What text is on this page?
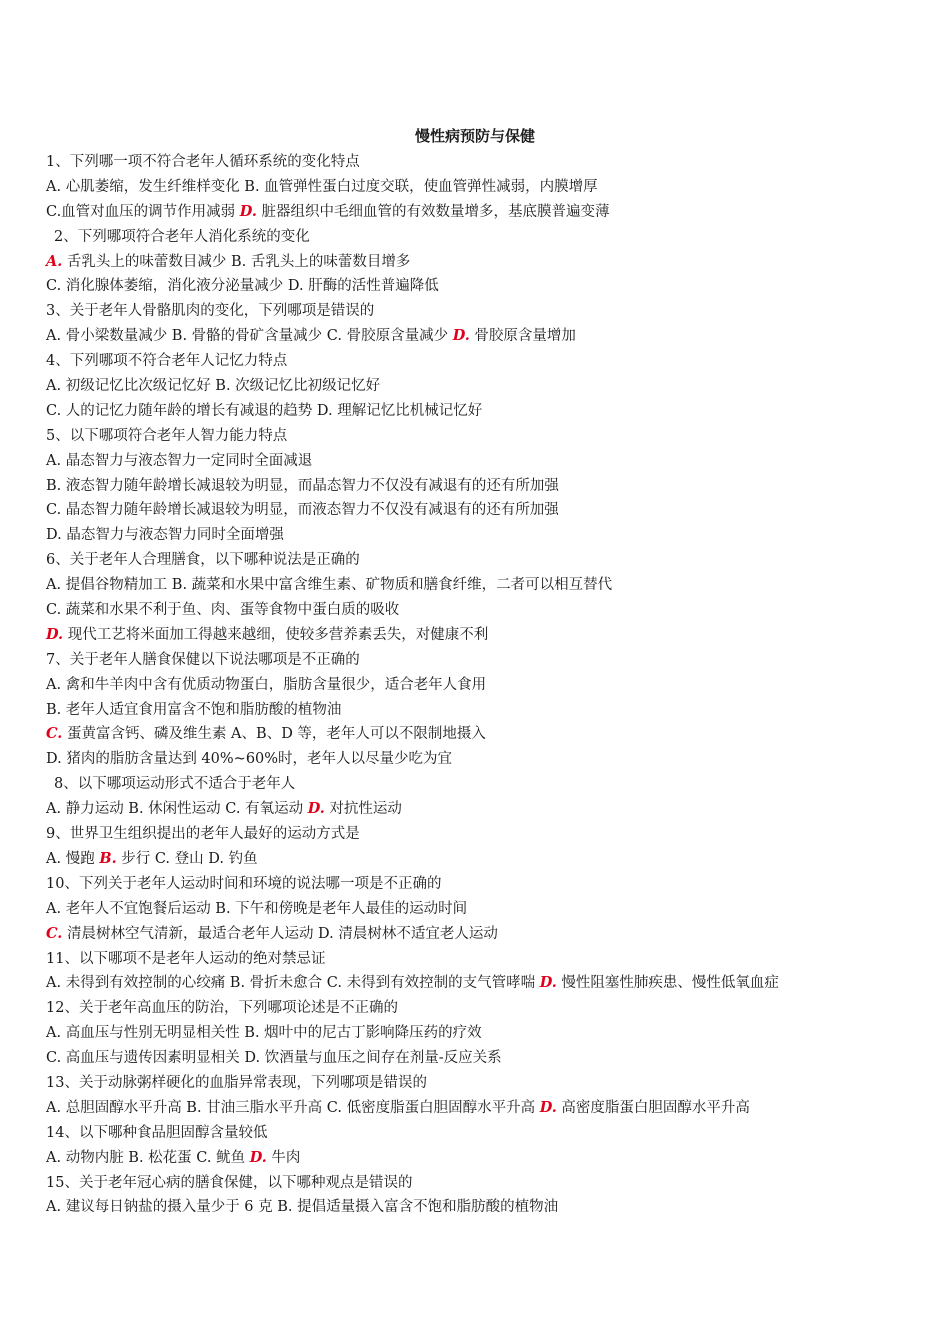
慢性病预防与保健
1、下列哪一项不符合老年人循环系统的变化特点
A. 心肌萎缩，发生纤维样变化 B. 血管弹性蛋白过度交联，使血管弹性减弱，内膜增厚
C.血管对血压的调节作用减弱 D. 脏器组织中毛细血管的有效数量增多，基底膜普遍变薄
2、下列哪项符合老年人消化系统的变化
A. 舌乳头上的味蕾数目减少 B. 舌乳头上的味蕾数目增多
C. 消化腺体萎缩，消化液分泌量减少 D. 肝酶的活性普遍降低
3、关于老年人骨骼肌肉的变化，下列哪项是错误的
A. 骨小梁数量减少 B. 骨骼的骨矿含量减少 C. 骨胶原含量减少 D. 骨胶原含量增加
4、下列哪项不符合老年人记忆力特点
A. 初级记忆比次级记忆好 B. 次级记忆比初级记忆好
C. 人的记忆力随年龄的增长有减退的趋势 D. 理解记忆比机械记忆好
5、以下哪项符合老年人智力能力特点
A. 晶态智力与液态智力一定同时全面减退
B. 液态智力随年龄增长减退较为明显，而晶态智力不仅没有减退有的还有所加强
C. 晶态智力随年龄增长减退较为明显，而液态智力不仅没有减退有的还有所加强
D. 晶态智力与液态智力同时全面增强
6、关于老年人合理膳食，以下哪种说法是正确的
A. 提倡谷物精加工 B. 蔬菜和水果中富含维生素、矿物质和膳食纤维，二者可以相互替代
C. 蔬菜和水果不利于鱼、肉、蛋等食物中蛋白质的吸收
D. 现代工艺将米面加工得越来越细，使较多营养素丢失，对健康不利
7、关于老年人膳食保健以下说法哪项是不正确的
A. 禽和牛羊肉中含有优质动物蛋白，脂肪含量很少，适合老年人食用
B. 老年人适宜食用富含不饱和脂肪酸的植物油
C. 蛋黄富含钙、磷及维生素 A、B、D 等，老年人可以不限制地摄入
D. 猪肉的脂肪含量达到 40%~60%时，老年人以尽量少吃为宜
8、以下哪项运动形式不适合于老年人
A. 静力运动 B. 休闲性运动 C. 有氧运动 D. 对抗性运动
9、世界卫生组织提出的老年人最好的运动方式是
A. 慢跑 B. 步行 C. 登山 D. 钓鱼
10、下列关于老年人运动时间和环境的说法哪一项是不正确的
A. 老年人不宜饱餐后运动 B. 下午和傍晚是老年人最佳的运动时间
C. 清晨树林空气清新，最适合老年人运动 D. 清晨树林不适宜老人运动
11、以下哪项不是老年人运动的绝对禁忌证
A. 未得到有效控制的心绞痛 B. 骨折未愈合 C. 未得到有效控制的支气管哮喘 D. 慢性阻塞性肺疾患、慢性低氧血症
12、关于老年高血压的防治，下列哪项论述是不正确的
A. 高血压与性别无明显相关性 B. 烟叶中的尼古丁影响降压药的疗效
C. 高血压与遗传因素明显相关 D. 饮酒量与血压之间存在剂量-反应关系
13、关于动脉粥样硬化的血脂异常表现，下列哪项是错误的
A. 总胆固醇水平升高 B. 甘油三脂水平升高 C. 低密度脂蛋白胆固醇水平升高 D. 高密度脂蛋白胆固醇水平升高
14、以下哪种食品胆固醇含量较低
A. 动物内脏 B. 松花蛋 C. 鱿鱼 D. 牛肉
15、关于老年冠心病的膳食保健，以下哪种观点是错误的
A. 建议每日钠盐的摄入量少于 6 克 B. 提倡适量摄入富含不饱和脂肪酸的植物油
